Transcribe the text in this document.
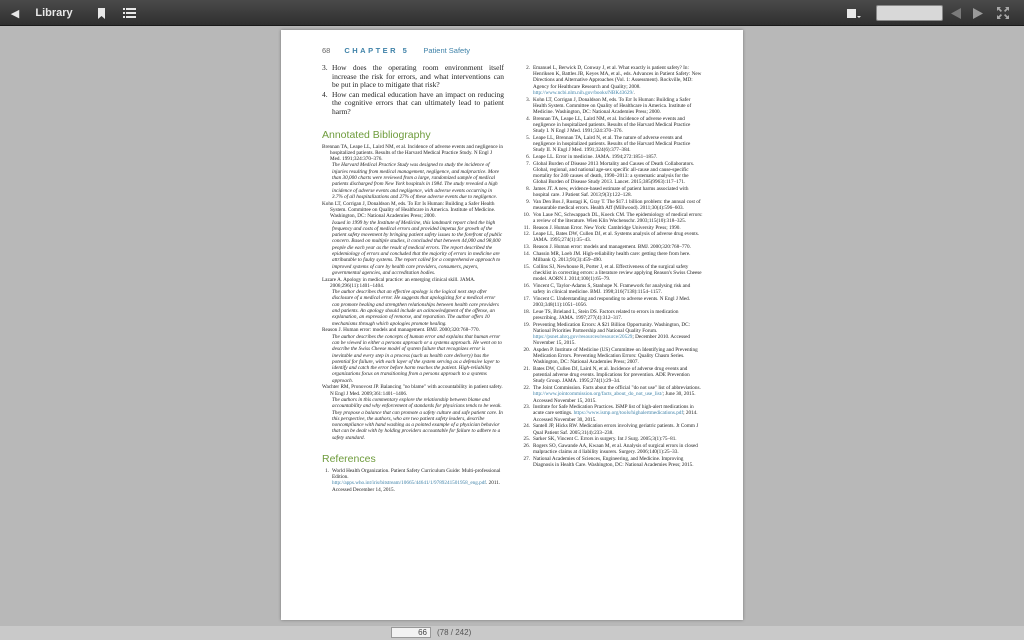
◀	Library
68 CHAPTER 5 Patient Safety
3. How does the operating room environment itself increase the risk for errors, and what interventions can be put in place to mitigate that risk?
4. How can medical education have an impact on reducing the cognitive errors that can ultimately lead to patient harm?
Annotated Bibliography

Brennan TA, Leape LL, Laird NM, et al. Incidence of adverse events and negligence in hospitalized patients. Results of the Harvard Medical Practice Study. N Engl J Med. 1991;324:370–376.

The Harvard Medical Practice Study was designed to study the incidence of injuries resulting from medical management, negligence, and malpractice. More than 30,000 charts were reviewed from a large, randomized sample of medical patients discharged from New York hospitals in 1984. The study revealed a high incidence of adverse events and negligence, with adverse events occurring in 3.7% of all hospitalizations and 27% of these adverse events due to negligence.

Kohn LT, Corrigan J, Donaldson M, eds. To Err Is Human: Building a Safer Health System. Committee on Quality of Healthcare in America. Institute of Medicine. Washington, DC: National Academies Press; 2000.

Issued in 1999 by the Institute of Medicine, this landmark report cited the high frequency and costs of medical errors and provided impetus for growth of the patient safety movement by bringing patient safety issues to the forefront of public concern. Based on multiple studies, it concluded that between 44,000 and 98,000 people die each year as the result of medical errors. The report described the epidemiology of errors and concluded that the majority of errors in medicine are attributable to faulty systems. The report called for a comprehensive approach to improved systems of care by health care providers, consumers, payers, governmental agencies, and accreditation bodies.

Lazare A. Apology in medical practice: an emerging clinical skill. JAMA. 2006;296(11):1401–1404.

The author describes that an effective apology is the logical next step after disclosure of a medical error. He suggests that apologizing for a medical error can promote healing and strengthen relationships between health care providers and patients. An apology should include an acknowledgment of the offense, an explanation, an expression of remorse, and reparation. The author offers 10 mechanisms through which apologies promote healing.

Reason J. Human error: models and management. BMJ. 2000;320:768–770.

The author describes the concepts of human error and explains that human error can be viewed in either a persons approach or a systems approach. He went on to describe the Swiss Cheese model of system failure that recognizes error is inevitable and every step in a process (such as health care delivery) has the potential for failure, with each layer of the system serving as a defensive layer to identify and catch the error before harm reaches the patient. High-reliability organizations focus on transitioning from a persons approach to a systems approach.

Wachter RM, Pronovost JP. Balancing "no blame" with accountability in patient safety. N Engl J Med. 2009;361:1401–1406.

The authors in this commentary explore the relationship between blame and accountability and why enforcement of standards for physicians tends to be weak. They propose a balance that can promote a safety culture and safe patient care. In this perspective, the authors, who are two patient safety leaders, describe noncompliance with hand washing as a pointed example of a physician behavior that can be dealt with by holding providers accountable for failure to adhere to a safety standard.

References
1. World Health Organization. Patient Safety Curriculum Guide: Multi-professional Edition. http://apps.who.int/iris/bitstream/10665/44641/1/9789241501958_eng.pdf. 2011. Accessed December 14, 2015.
2. Emanuel L, Berwick D, Conway J, et al. What exactly is patient safety? In: Henriksen K, Battles JB, Keyes MA, et al., eds. Advances in Patient Safety: New Directions and Alternative Approaches (Vol. 1: Assessment). Rockville, MD: Agency for Healthcare Research and Quality; 2008. http://www.ncbi.nlm.nih.gov/books/NBK43629/.
3. Kohn LT, Corrigan J, Donaldson M, eds. To Err Is Human: Building a Safer Health System. Committee on Quality of Healthcare in America. Institute of Medicine. Washington, DC: National Academies Press; 2000.
4. Brennan TA, Leape LL, Laird NM, et al. Incidence of adverse events and negligence in hospitalized patients. Results of the Harvard Medical Practice Study I. N Engl J Med. 1991;324:370–376.
5. Leape LL, Brennan TA, Laird N, et al. The nature of adverse events and negligence in hospitalized patients. Results of the Harvard Medical Practice Study II. N Engl J Med. 1991;324(6):377–384.
6. Leape LL. Error in medicine. JAMA. 1994;272:1851–1857.
7. Global Burden of Disease 2013 Mortality and Causes of Death Collaborators. Global, regional, and national age-sex specific all-cause and cause-specific mortality for 240 causes of death, 1990–2013: a systematic analysis for the Global Burden of Disease Study 2013. Lancet. 2015;385(9963):117–171.
8. James JT. A new, evidence-based estimate of patient harms associated with hospital care. J Patient Saf. 2013;9(3):122–128.
9. Van Den Bos J, Rustagi K, Gray T. The $17.1 billion problem: the annual cost of measurable medical errors. Health Aff (Millwood). 2011;30(4):596–603.
10. Von Laue NC, Schwappach DL, Koeck CM. The epidemiology of medical errors: a review of the literature. Wien Klin Wochenschr. 2003;115(10):318–325.
11. Reason J. Human Error. New York: Cambridge University Press; 1990.
12. Leape LL, Bates DW, Cullen DJ, et al. Systems analysis of adverse drug events. JAMA. 1995;274(1):35–43.
13. Reason J. Human error: models and management. BMJ. 2000;320:768–770.
14. Chassin MR, Loeb JM. High-reliability health care: getting there from here. Milbank Q. 2013;91(3):459–490.
15. Collins SJ, Newhouse R, Porter J, et al. Effectiveness of the surgical safety checklist in correcting errors: a literature review applying Reason's Swiss Cheese model. AORN J. 2014;100(1):65–79.
16. Vincent C, Taylor-Adams S, Stanhope N. Framework for analysing risk and safety in clinical medicine. BMJ. 1998;316(7138):1154–1157.
17. Vincent C. Understanding and responding to adverse events. N Engl J Med. 2003;348(11):1051–1056.
18. Leue TS, Brieland L, Stein DS. Factors related to errors in medication prescribing. JAMA. 1997;277(4):312–317.
19. Preventing Medication Errors: A $21 Billion Opportunity. Washington, DC: National Priorities Partnership and National Quality Forum. https://psnet.ahrq.gov/resources/resource/20529; December 2010. Accessed November 15, 2015.
20. Aspden P. Institute of Medicine (US) Committee on Identifying and Preventing Medication Errors. Preventing Medication Errors: Quality Chasm Series. Washington, DC: National Academies Press; 2007.
21. Bates DW, Cullen DJ, Laird N, et al. Incidence of adverse drug events and potential adverse drug events. Implications for prevention. ADE Prevention Study Group. JAMA. 1995;274(1):29–34.
22. The Joint Commission. Facts about the official "do not use" list of abbreviations. http://www.jointcommission.org/facts_about_do_not_use_list/; June 30, 2015. Accessed November 15, 2015.
23. Institute for Safe Medication Practices. ISMP list of high-alert medications in acute care settings. https://www.ismp.org/tools/highalertmedications.pdf; 2014. Accessed November 30, 2015.
24. Santell JP, Hicks RW. Medication errors involving geriatric patients. Jt Comm J Qual Patient Saf. 2005;31(4):233–238.
25. Sarker SK, Vincent C. Errors in surgery. Int J Surg. 2005;3(1):75–81.
26. Rogers SO, Gawande AA, Kwaan M, et al. Analysis of surgical errors in closed malpractice claims at 4 liability insurers. Surgery. 2006;140(1):25–33.
27. National Academies of Sciences, Engineering, and Medicine. Improving Diagnosis in Health Care. Washington, DC: National Academies Press; 2015.
66	(78 / 242)
